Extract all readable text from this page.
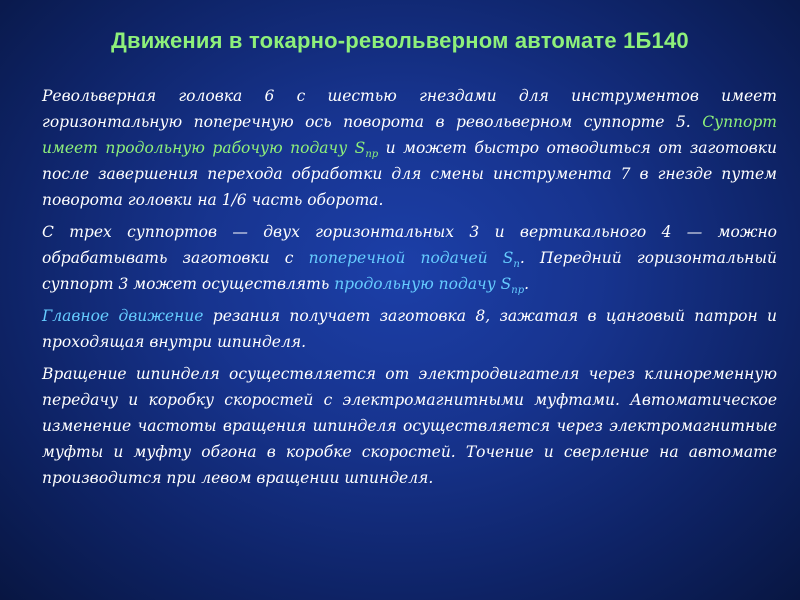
Движения в токарно-револьверном автомате 1Б140

Револьверная головка 6 с шестью гнездами для инструментов имеет горизонтальную поперечную ось поворота в револьверном суппорте 5. Суппорт имеет продольную рабочую подачу $S_{пр}$ и может быстро отводиться от заготовки после завершения перехода обработки для смены инструмента 7 в гнезде путем поворота головки на 1/6 часть оборота.

С трех суппортов — двух горизонтальных 3 и вертикального 4 — можно обрабатывать заготовки с поперечной подачей $S_п$. Передний горизонтальный суппорт 3 может осуществлять продольную подачу $S_{пр}$.

Главное движение резания получает заготовка 8, зажатая в цанговый патрон и проходящая внутри шпинделя.

Вращение шпинделя осуществляется от электродвигателя через клиноременную передачу и коробку скоростей с электромагнитными муфтами. Автоматическое изменение частоты вращения шпинделя осуществляется через электромагнитные муфты и муфту обгона в коробке скоростей. Точение и сверление на автомате производится при левом вращении шпинделя.
